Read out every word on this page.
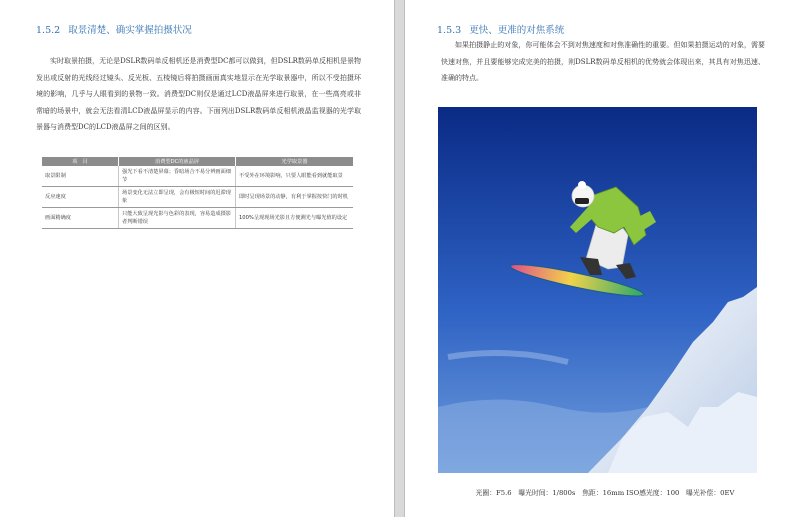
1.5.2 取景清楚、确实掌握拍摄状况
实时取景拍摄，无论是DSLR数码单反相机还是消费型DC都可以做到，但DSLR数码单反相机是景物发出或反射的光线经过镜头、反光板、五棱镜后将拍摄画面真实地显示在光学取景器中，所以不受拍摄环境的影响，几乎与人眼看到的景物一致。消费型DC则仅是通过LCD液晶屏来进行取景，在一些高亮或非常暗的场景中，就会无法看清LCD液晶屏显示的内容。下面列出DSLR数码单反相机液晶监视器的光学取景器与消费型DC的LCD液晶屏之间的区别。
项　目	消费型DC的液晶屏	光学取景器
取景限制	强光下看不清楚屏幕；昏暗场合不易分辨画面细节	不受外在环境影响，只要人眼能看到就能取景
反应速度	场景变化无法立即呈现，会有极短时间的迟滞现象	即时呈现场景的动静，有利于掌握按快门的时机
画面精确度	只能大致呈现光影与色彩的表现，容易造成摄影者判断错误	100%呈现现场光影且方便测光与曝光值的设定
1.5.3 更快、更准的对焦系统
如果拍摄静止的对象，你可能体会不到对焦速度和对焦准确性的重要。但如果拍摄运动的对象，需要快速对焦，并且要能够完成完美的拍摄，则DSLR数码单反相机的优势就会体现出来，其具有对焦迅速、准确的特点。
光圈：F5.6　曝光时间：1/800s　焦距：16mm ISO感光度：100　曝光补偿：0EV
